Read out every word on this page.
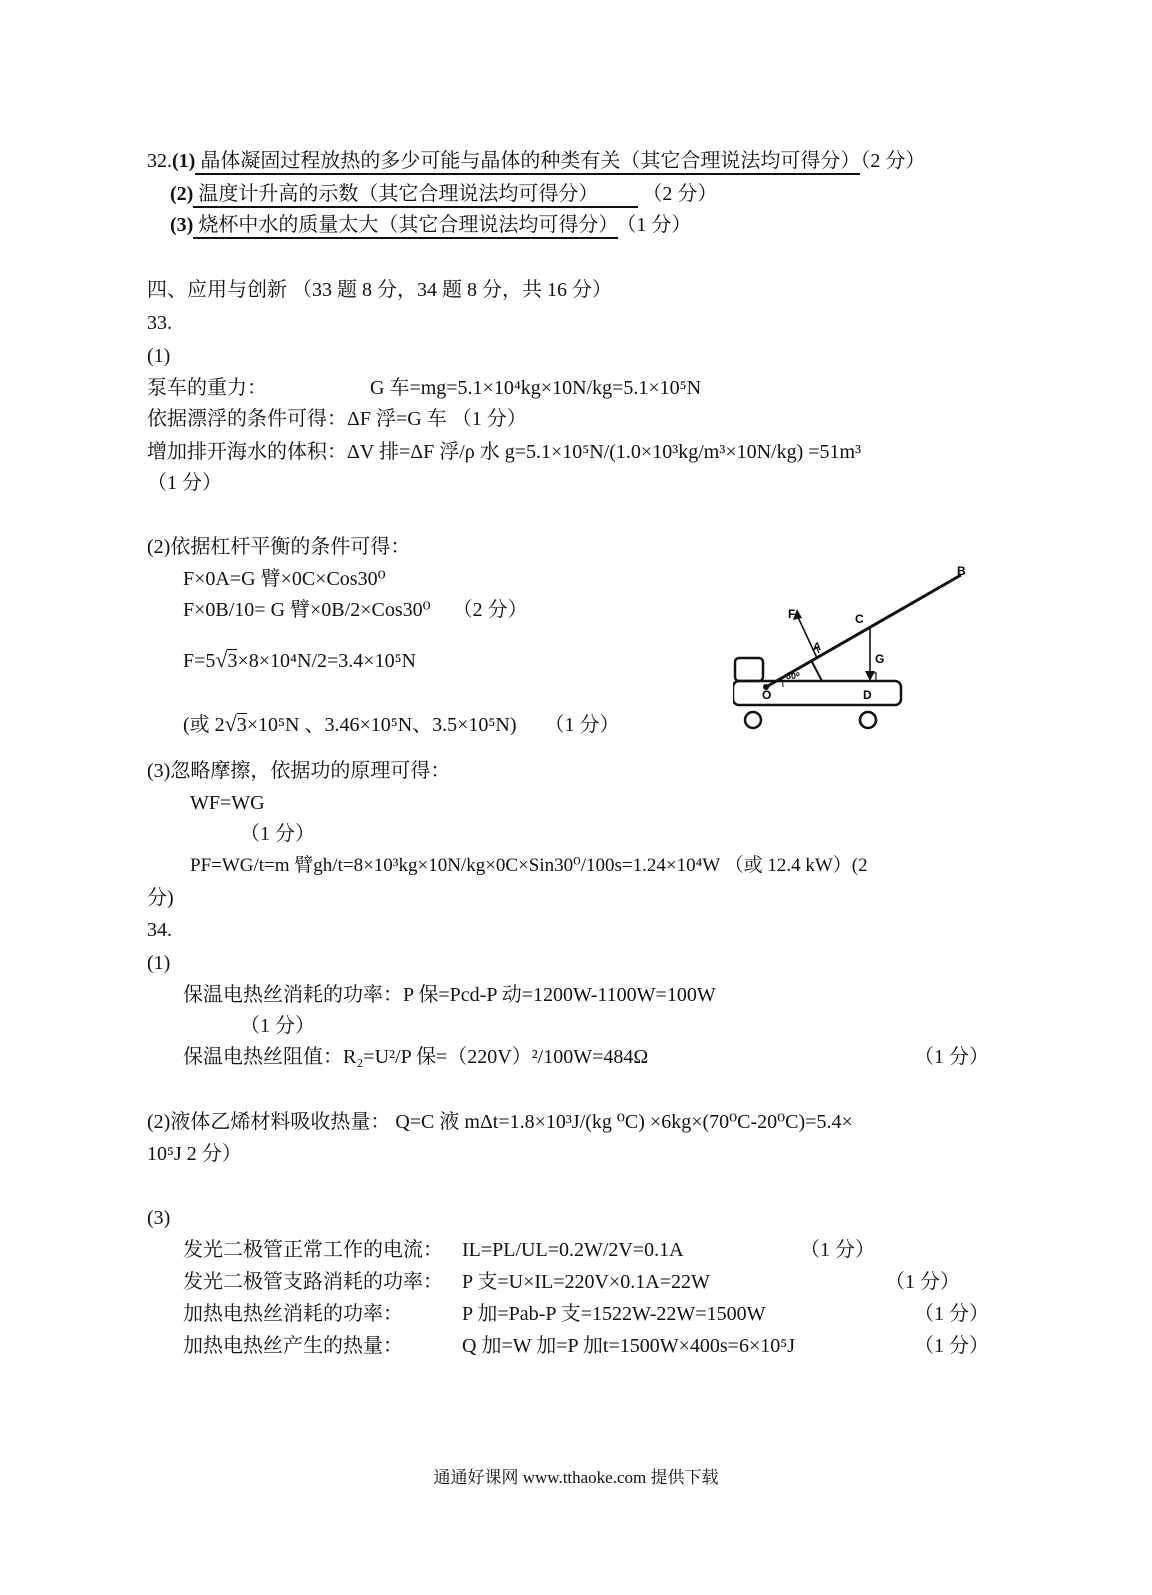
32.(1) 晶体凝固过程放热的多少可能与晶体的种类有关（其它合理说法均可得分）（2 分）
(2) 温度计升高的示数（其它合理说法均可得分）	（2 分）
(3) 烧杯中水的质量太大（其它合理说法均可得分） （1 分）
四、应用与创新 （33 题 8 分，34 题 8 分，共 16 分）
33.
(1)
泵车的重力：	G 车=mg=5.1×10⁴kg×10N/kg=5.1×10⁵N
依据漂浮的条件可得：ΔF 浮=G 车 （1 分）
增加排开海水的体积：ΔV 排=ΔF 浮/ρ 水 g=5.1×10⁵N/(1.0×10³kg/m³×10N/kg) =51m³
（1 分）
(2)依据杠杆平衡的条件可得：
F×0A=G 臂×0C×Cos30⁰
F×0B/10= G 臂×0B/2×Cos30⁰ （2 分）
F=5√3×8×10⁴N/2=3.4×10⁵N
(或 2√3×10⁵N 、3.46×10⁵N、3.5×10⁵N) （1 分）
B
C
F
A
G
O	D
30⁰
(3)忽略摩擦，依据功的原理可得：
WF=WG
（1 分）
PF=WG/t=m 臂gh/t=8×10³kg×10N/kg×0C×Sin30⁰/100s=1.24×10⁴W （或 12.4 kW）(2
分)
34.
(1)
保温电热丝消耗的功率：P 保=Pcd-P 动=1200W-1100W=100W
（1 分）
保温电热丝阻值：R₂=U²/P 保=（220V）²/100W=484Ω	（1 分）
(2)液体乙烯材料吸收热量： Q=C 液 mΔt=1.8×10³J/(kg ⁰C) ×6kg×(70⁰C-20⁰C)=5.4×
10⁵J 2 分）
(3)
发光二极管正常工作的电流： IL=PL/UL=0.2W/2V=0.1A	（1 分）
发光二极管支路消耗的功率： P 支=U×IL=220V×0.1A=22W	（1 分）
加热电热丝消耗的功率：	P 加=Pab-P 支=1522W-22W=1500W	（1 分）
加热电热丝产生的热量：	Q 加=W 加=P 加t=1500W×400s=6×10⁵J	（1 分）
通通好课网 www.tthaoke.com 提供下载
